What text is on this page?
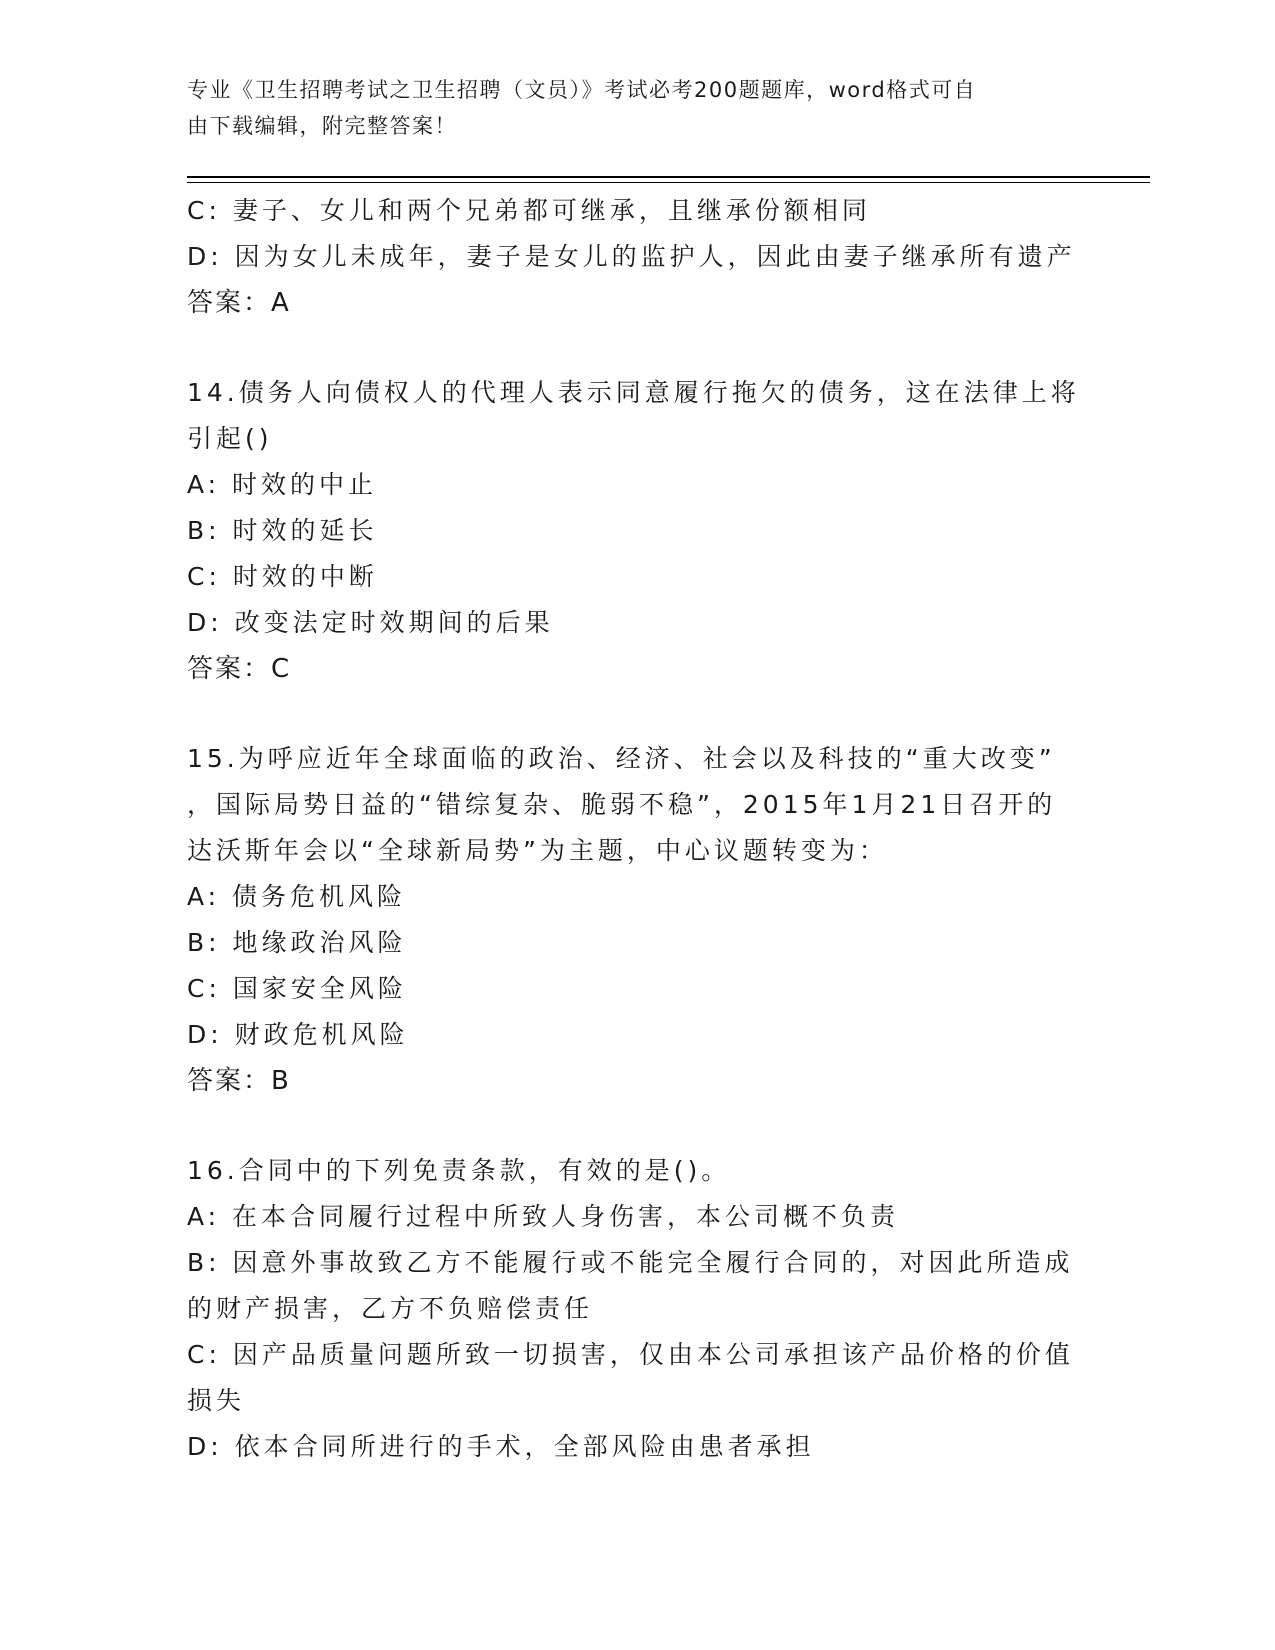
专业《卫生招聘考试之卫生招聘（文员）》考试必考200题题库，word格式可自
由下载编辑，附完整答案！
C: 妻子、女儿和两个兄弟都可继承，且继承份额相同
D: 因为女儿未成年，妻子是女儿的监护人，因此由妻子继承所有遗产
答案：A
14.债务人向债权人的代理人表示同意履行拖欠的债务，这在法律上将
引起()
A: 时效的中止
B: 时效的延长
C: 时效的中断
D: 改变法定时效期间的后果
答案：C
15.为呼应近年全球面临的政治、经济、社会以及科技的“重大改变”
，国际局势日益的“错综复杂、脆弱不稳”，2015年1月21日召开的
达沃斯年会以“全球新局势”为主题，中心议题转变为：
A: 债务危机风险
B: 地缘政治风险
C: 国家安全风险
D: 财政危机风险
答案：B
16.合同中的下列免责条款，有效的是()。
A: 在本合同履行过程中所致人身伤害，本公司概不负责
B: 因意外事故致乙方不能履行或不能完全履行合同的，对因此所造成
的财产损害，乙方不负赔偿责任
C: 因产品质量问题所致一切损害，仅由本公司承担该产品价格的价值
损失
D: 依本合同所进行的手术，全部风险由患者承担
